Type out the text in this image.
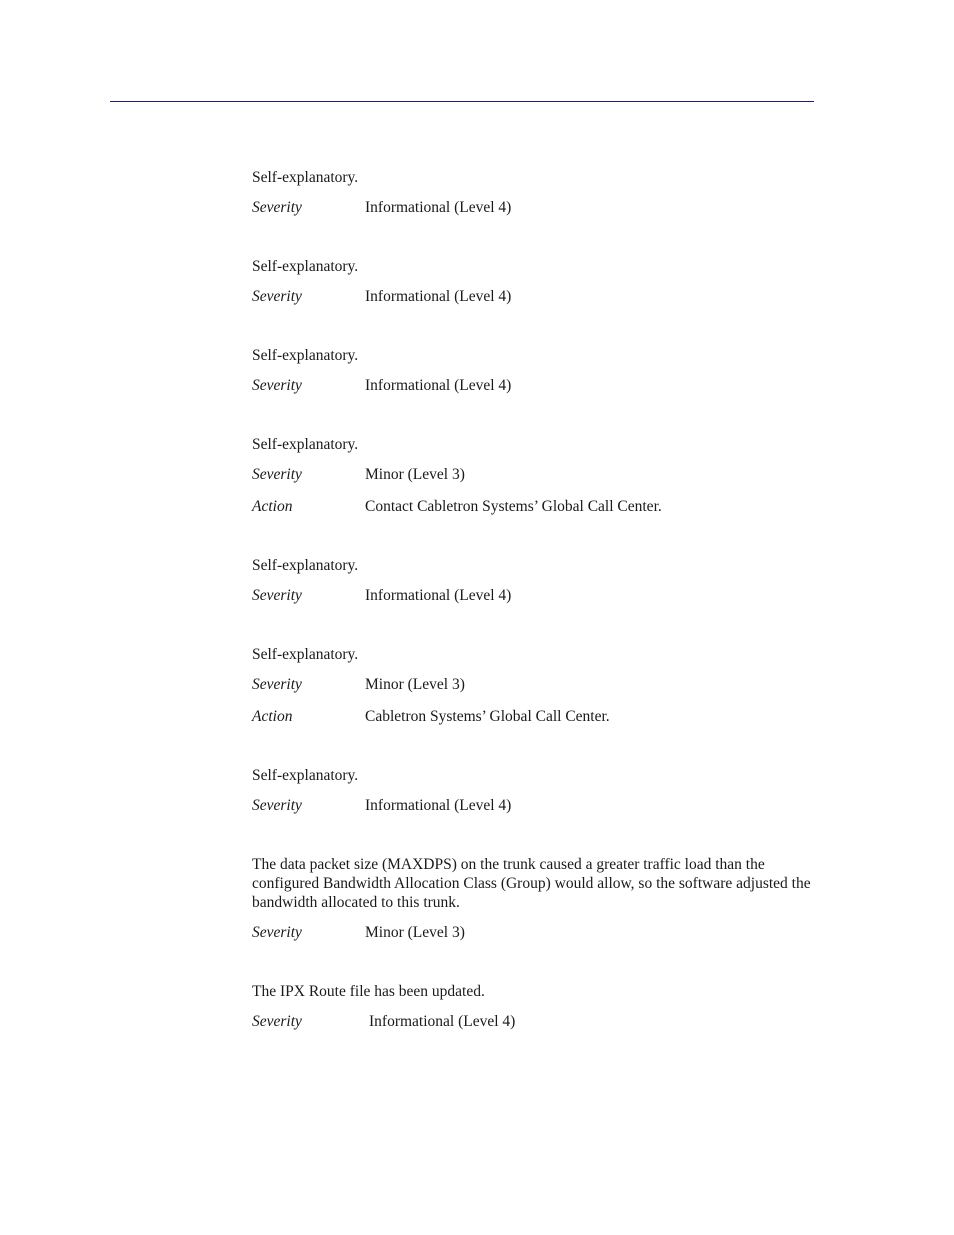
Self-explanatory.

Severity	Informational (Level 4)

Self-explanatory.

Severity	Informational (Level 4)

Self-explanatory.

Severity	Informational (Level 4)

Self-explanatory.

Severity	Minor (Level 3)
Action	Contact Cabletron Systems’ Global Call Center.

Self-explanatory.

Severity	Informational (Level 4)

Self-explanatory.

Severity	Minor (Level 3)
Action	Cabletron Systems’ Global Call Center.

Self-explanatory.

Severity	Informational (Level 4)

The data packet size (MAXDPS) on the trunk caused a greater traffic load than the configured Bandwidth Allocation Class (Group) would allow, so the software adjusted the bandwidth allocated to this trunk.

Severity	Minor (Level 3)

The IPX Route file has been updated.

Severity	Informational (Level 4)
